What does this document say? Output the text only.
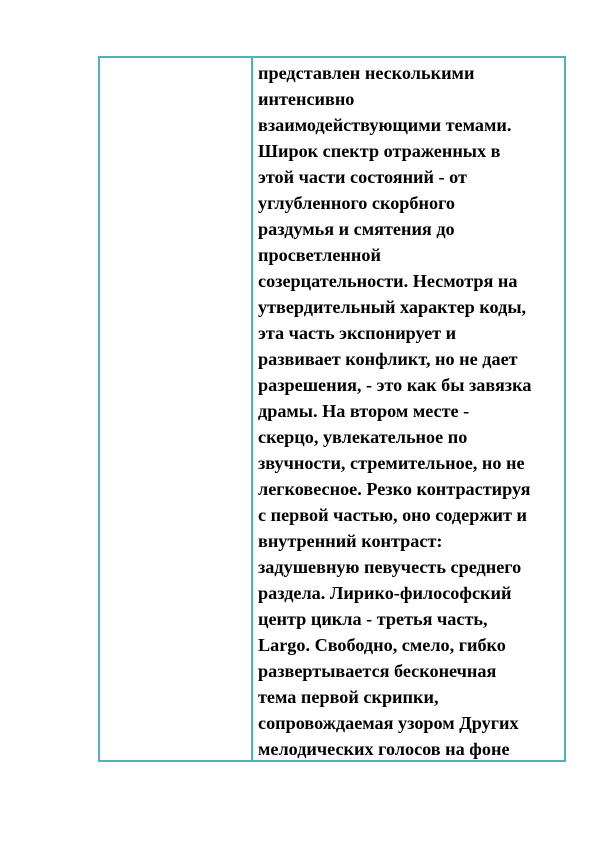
представлен несколькими
интенсивно
взаимодействующими темами.
Широк спектр отраженных в
этой части состояний - от
углубленного скорбного
раздумья и смятения до
просветленной
созерцательности. Несмотря на
утвердительный характер коды,
эта часть экспонирует и
развивает конфликт, но не дает
разрешения, - это как бы завязка
драмы. На втором месте -
скерцо, увлекательное по
звучности, стремительное, но не
легковесное. Резко контрастируя
с первой частью, оно содержит и
внутренний контраст:
задушевную певучесть среднего
раздела. Лирико-философский
центр цикла - третья часть,
Largo. Свободно, смело, гибко
развертывается бесконечная
тема первой скрипки,
сопровождаемая узором Других
мелодических голосов на фоне
